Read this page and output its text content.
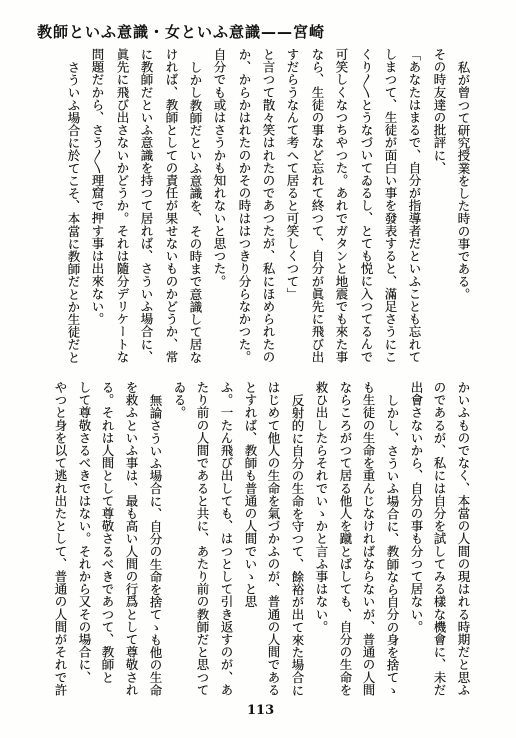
教師といふ意識・女といふ意識——宮崎
私が曾つて研究授業をした時の事である。
その時友達の批評に、
「あなたはまるで、自分が指導者だといふことも忘れて
しまつて、生徒が面白い事を發表すると、滿足さうにこ
くり〳〵とうなづいてゐるし、とても悦に入つてるんで
可笑しくなつちやつた。あれでガタンと地震でも來た事
なら、生徒の事など忘れて終つて、自分が眞先に飛び出
すだらうなんて考へて居ると可笑しくつて」
と言つて散々笑はれたのであつたが、私にほめられたの
か、からかはれたのかその時ははつきり分らなかつた。
自分でも或はさうかも知れないと思つた。
しかし教師だといふ意識を、その時まで意識して居な
ければ、教師としての責任が果せないものかどうか、常
に教師だといふ意識を持つて居れば、さういふ場合に、
眞先に飛び出さないかどうか。それは隨分デリケートな
問題だから、さう〳〵理窟で押す事は出來ない。
さういふ場合に於てこそ、本當に教師だとか生徒だと
かいふものでなく、本當の人間の現はれる時期だと思ふ
のであるが、私には自分を試してみる樣な機會に、未だ
出會さないから、自分の事も分つて居ない。
しかし、さういふ場合に、教師なら自分の身を捨てゝ
も生徒の生命を重んじなければならないが、普通の人間
ならころがつて居る他人を蹴とばしても、自分の生命を
救ひ出したらそれでいゝかと言ふ事はない。
反射的に自分の生命を守つて、餘裕が出て來た場合に
はじめて他人の生命を氣づかふのが、普通の人間である
とすれば、教師も普通の人間でいゝと思
ふ。一たん飛び出しても、はつとして引き返すのが、あ
たり前の人間であると共に、あたり前の教師だと思つて
ゐる。
無論さういふ場合に、自分の生命を捨てゝも他の生命
を救ふといふ事は、最も高い人間の行爲として尊敬され
る。それは人間として尊敬さるべきであつて、教師と
して尊敬さるべきではない。それから又その場合に、
やつと身を以て逃れ出たとして、普通の人間がそれで許
113
